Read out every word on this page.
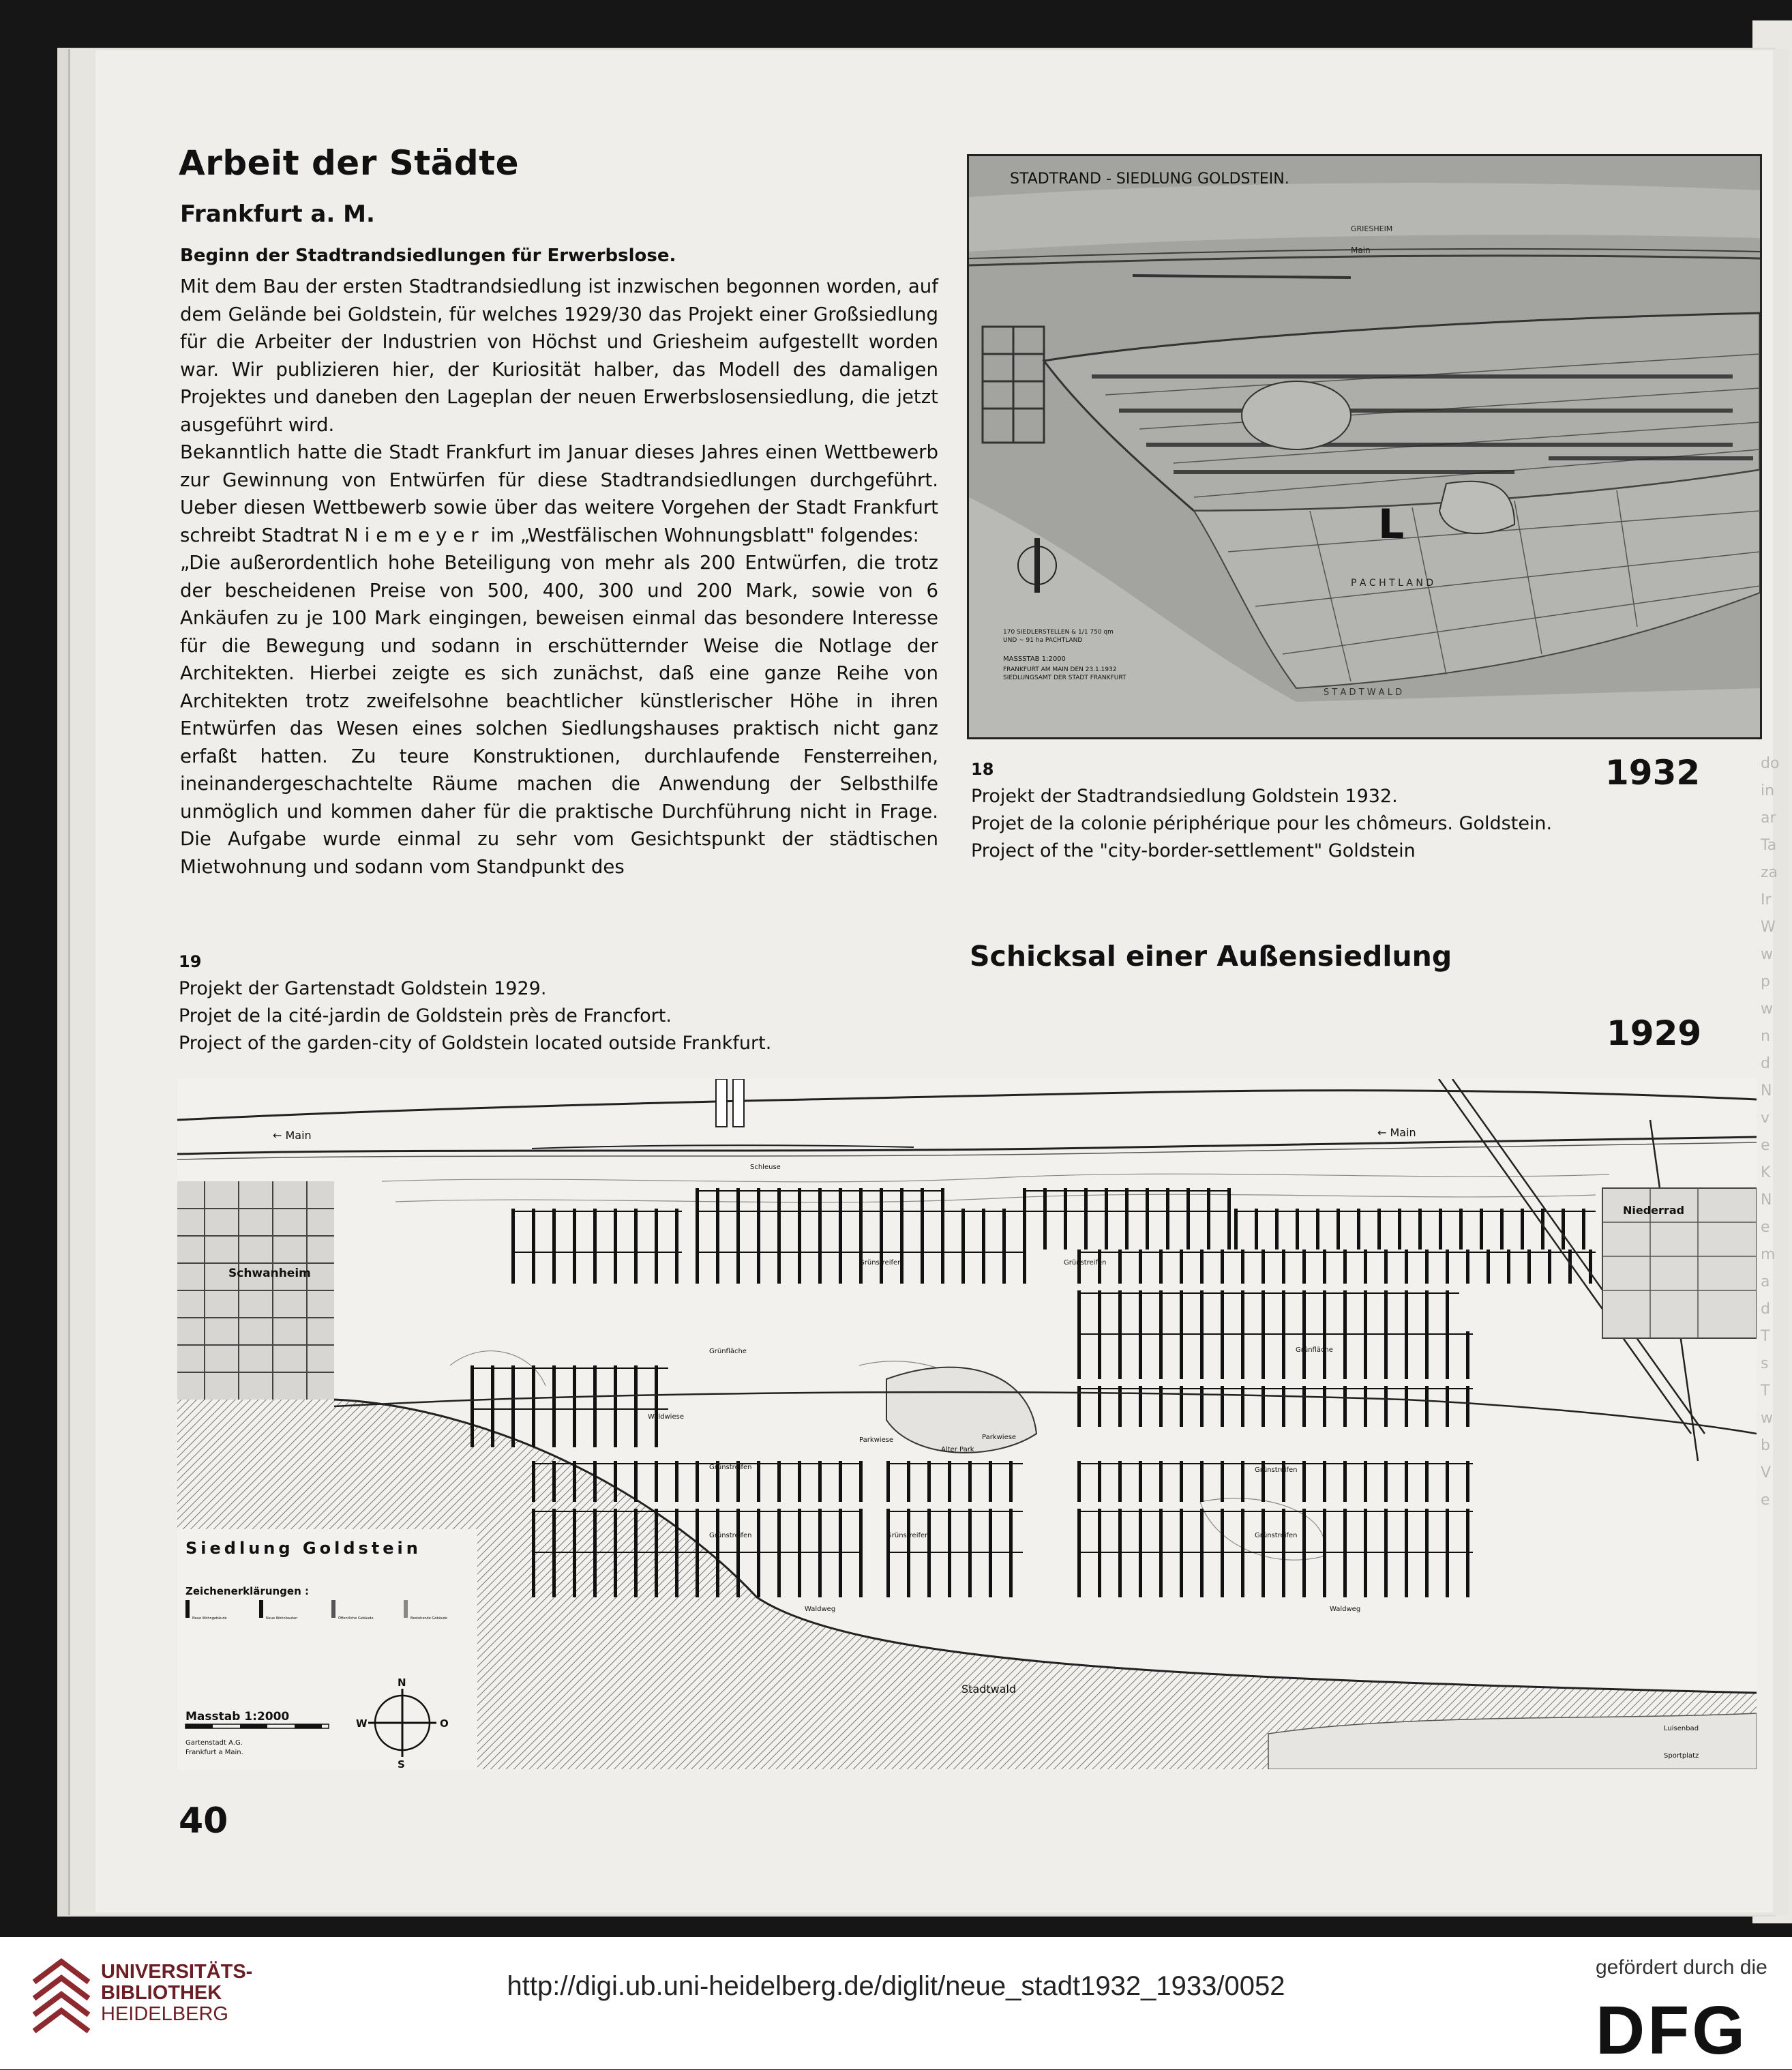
do
in
ar
Ta
za
Ir
W
w
p
w
n
d
N
v
e
K
N
e
m
a
d
T
s
T
w
b
V
e
Arbeit der Städte
Frankfurt a. M.
Beginn der Stadtrandsiedlungen für Erwerbslose.

Mit dem Bau der ersten Stadtrandsiedlung ist inzwischen begonnen worden, auf dem Gelände bei Goldstein, für welches 1929/30 das Projekt einer Großsiedlung für die Arbeiter der Industrien von Höchst und Griesheim aufgestellt worden war. Wir publizieren hier, der Kuriosität halber, das Modell des damaligen Projektes und daneben den Lageplan der neuen Erwerbslosensiedlung, die jetzt ausgeführt wird.

Bekanntlich hatte die Stadt Frankfurt im Januar dieses Jahres einen Wettbewerb zur Gewinnung von Entwürfen für diese Stadtrandsiedlungen durchgeführt. Ueber diesen Wettbewerb sowie über das weitere Vorgehen der Stadt Frankfurt schreibt Stadtrat Niemeyer im „Westfälischen Wohnungsblatt" folgendes:

„Die außerordentlich hohe Beteiligung von mehr als 200 Entwürfen, die trotz der bescheidenen Preise von 500, 400, 300 und 200 Mark, sowie von 6 Ankäufen zu je 100 Mark eingingen, beweisen einmal das besondere Interesse für die Bewegung und sodann in erschütternder Weise die Notlage der Architekten. Hierbei zeigte es sich zunächst, daß eine ganze Reihe von Architekten trotz zweifelsohne beachtlicher künstlerischer Höhe in ihren Entwürfen das Wesen eines solchen Siedlungshauses praktisch nicht ganz erfaßt hatten. Zu teure Konstruktionen, durchlaufende Fensterreihen, ineinandergeschachtelte Räume machen die Anwendung der Selbsthilfe unmöglich und kommen daher für die praktische Durchführung nicht in Frage. Die Aufgabe wurde einmal zu sehr vom Gesichtspunkt der städtischen Mietwohnung und sodann vom Standpunkt des

STADTRAND - SIEDLUNG GOLDSTEIN.
GRIESHEIM
Main
P A C H T L A N D
S T A D T W A L D
170 SIEDLERSTELLEN & 1/1 750 qm
UND ~ 91 ha PACHTLAND
MASSSTAB 1:2000
FRANKFURT AM MAIN DEN 23.1.1932
SIEDLUNGSAMT DER STADT FRANKFURT
L
18	1932
Projekt der Stadtrandsiedlung Goldstein 1932.
Projet de la colonie périphérique pour les chômeurs. Goldstein.
Project of the "city-border-settlement" Goldstein
Schicksal einer Außensiedlung
1929
19
Projekt der Gartenstadt Goldstein 1929.
Projet de la cité-jardin de Goldstein près de Francfort.
Project of the garden-city of Goldstein located outside Frankfurt.
← Main	← Main
Schleuse
Schwanheim
Stadtwald
Alter Park
Parkwiese	Parkwiese
Grünfläche	Grünfläche
Grünstreifen	Grünstreifen
Grünstreifen	Grünstreifen
Grünstreifen	Grünstreifen	Grünstreifen
Waldwiese
Waldweg	Waldweg
Niederrad
Luisenbad
Sportplatz
Siedlung Goldstein
Zeichenerklärungen :
Neue Wohngebäude	Neue Wohnbauten	Öffentliche Gebäude	Bestehende Gebäude
Masstab 1:2000
Gartenstadt A.G.
Frankfurt a Main.
N
S
W	O
40
UNIVERSITÄTS-
BIBLIOTHEK
HEIDELBERG
http://digi.ub.uni-heidelberg.de/diglit/neue_stadt1932_1933/0052
gefördert durch die
DFG
